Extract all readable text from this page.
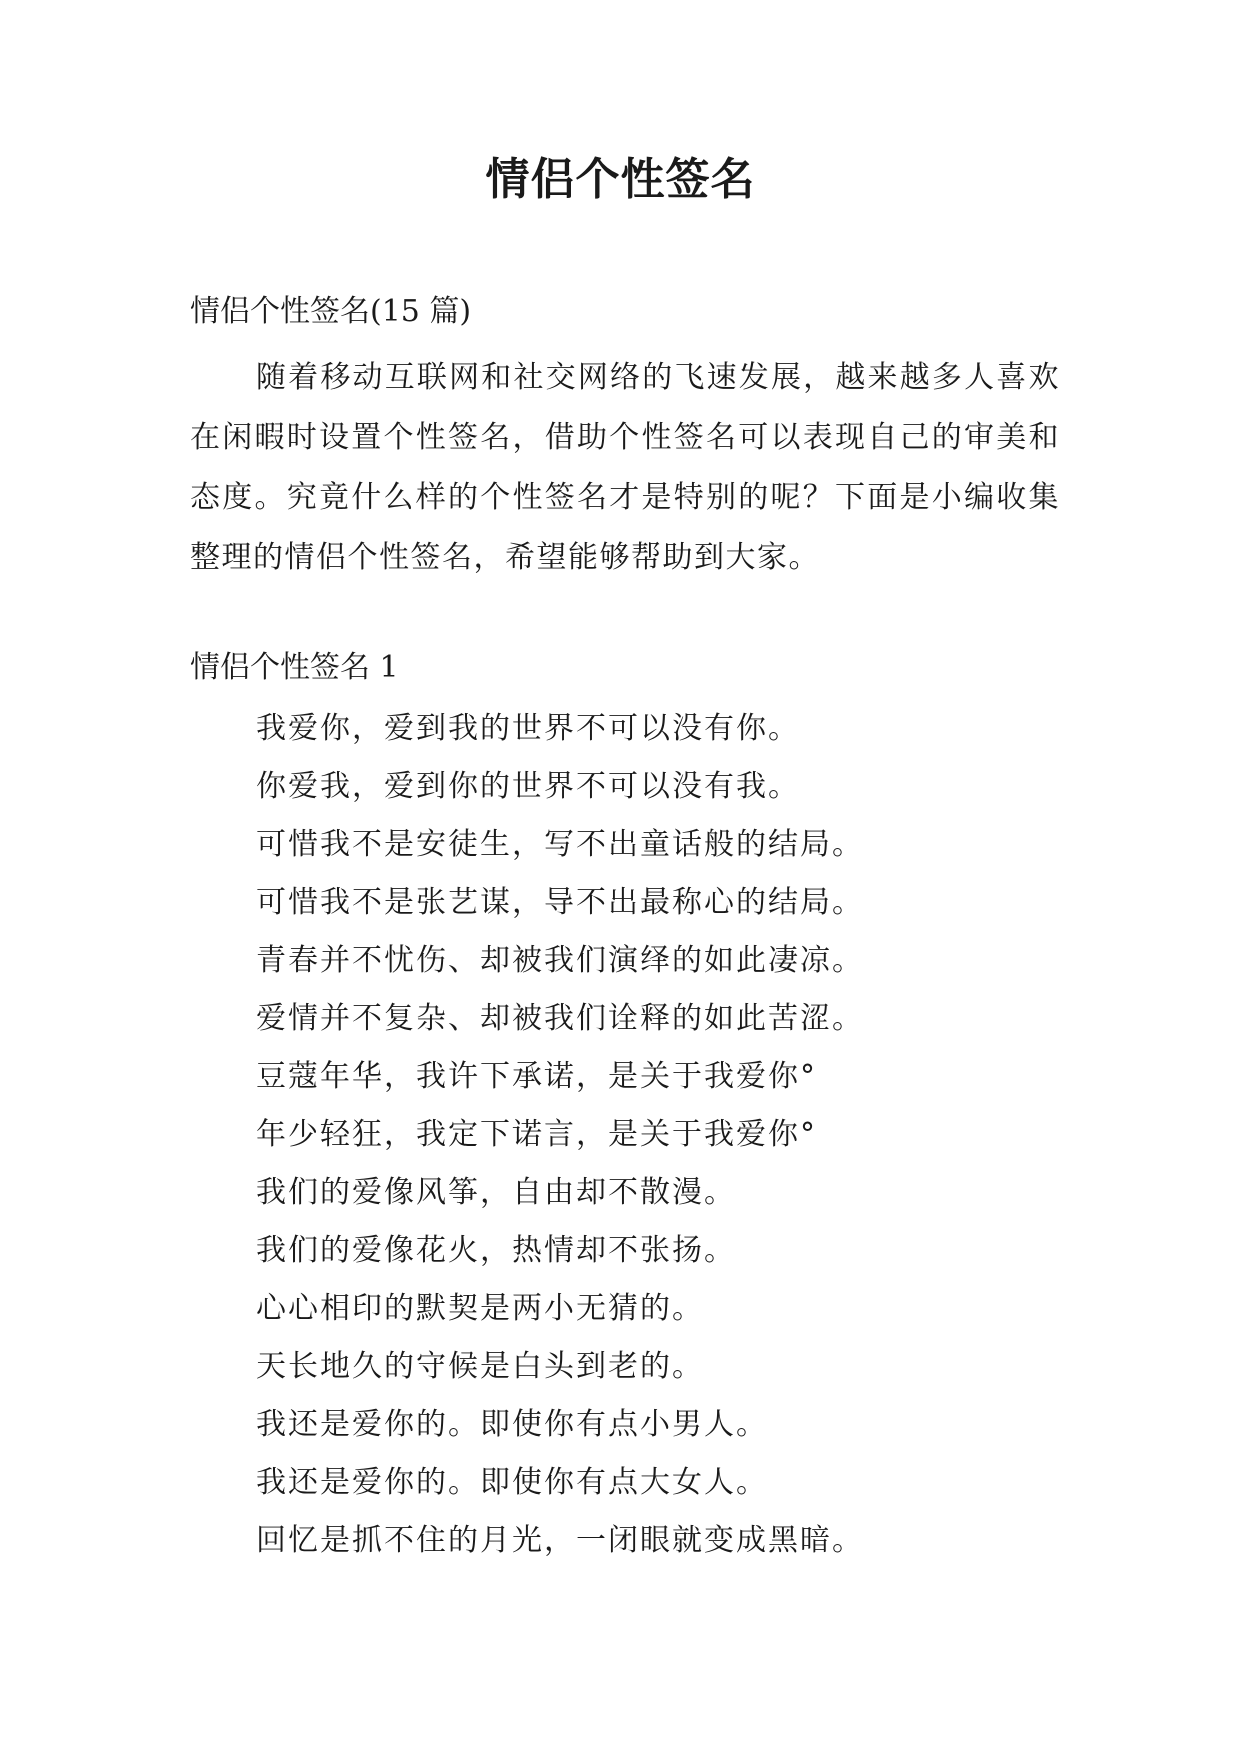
情侣个性签名
情侣个性签名(15 篇)

随着移动互联网和社交网络的飞速发展，越来越多人喜欢在闲暇时设置个性签名，借助个性签名可以表现自己的审美和态度。究竟什么样的个性签名才是特别的呢？下面是小编收集整理的情侣个性签名，希望能够帮助到大家。

情侣个性签名 1
我爱你，爱到我的世界不可以没有你。
你爱我，爱到你的世界不可以没有我。
可惜我不是安徒生，写不出童话般的结局。
可惜我不是张艺谋，导不出最称心的结局。
青春并不忧伤、却被我们演绎的如此凄凉。
爱情并不复杂、却被我们诠释的如此苦涩。
豆蔻年华，我许下承诺，是关于我爱你°
年少轻狂，我定下诺言，是关于我爱你°
我们的爱像风筝，自由却不散漫。
我们的爱像花火，热情却不张扬。
心心相印的默契是两小无猜的。
天长地久的守候是白头到老的。
我还是爱你的。即使你有点小男人。
我还是爱你的。即使你有点大女人。
回忆是抓不住的月光，一闭眼就变成黑暗。
